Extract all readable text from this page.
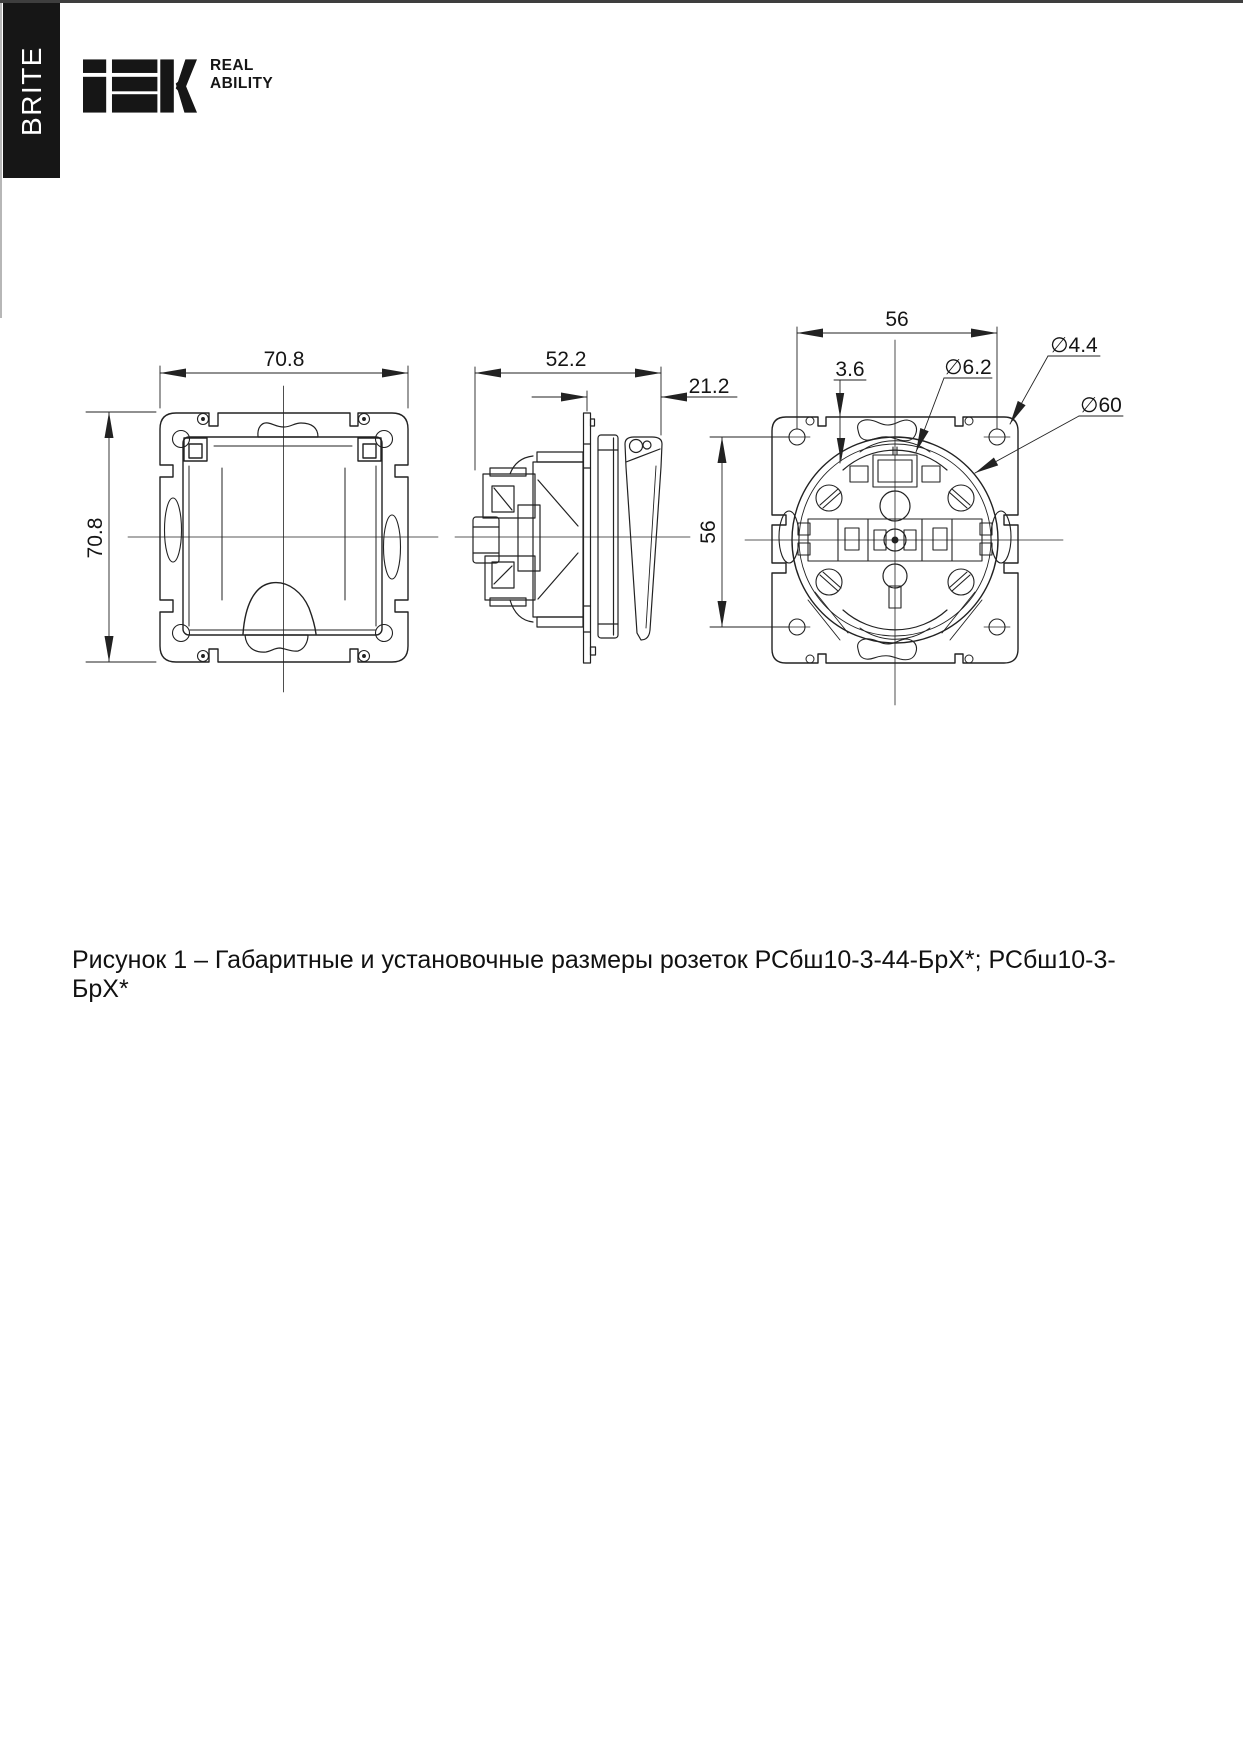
BRITE	REAL
ABILITY
70.8
70.8
52.2
21.2
56
56
3.6	∅6.2
∅4.4
∅60
Рисунок 1 – Габаритные и установочные размеры розеток РСбш10-3-44-БрХ*; РСбш10-3-БрХ*
